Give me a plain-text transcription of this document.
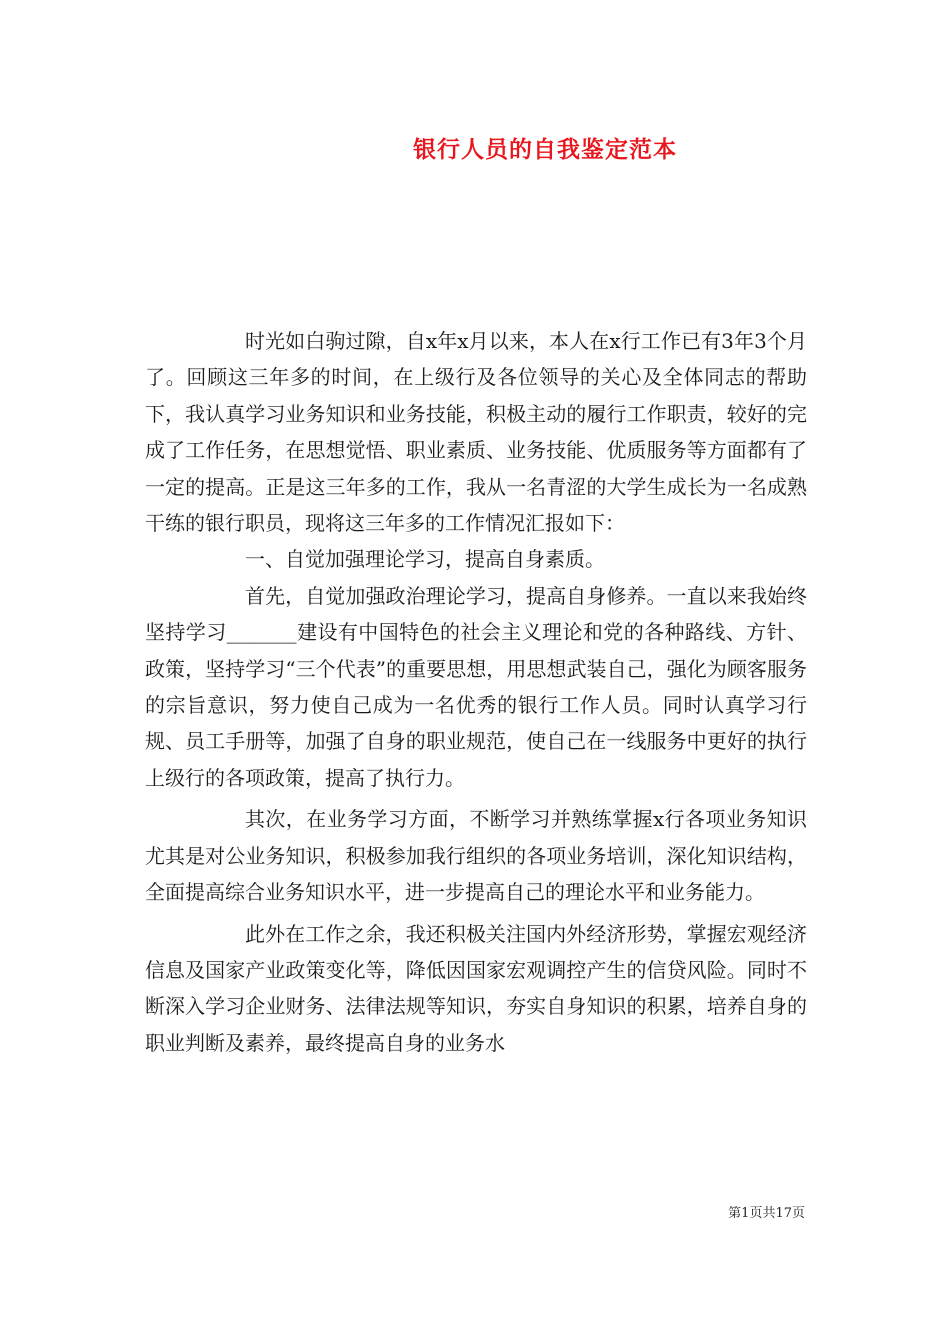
银行人员的自我鉴定范本

时光如白驹过隙，自x年x月以来，本人在x行工作已有3年3个月了。回顾这三年多的时间，在上级行及各位领导的关心及全体同志的帮助下，我认真学习业务知识和业务技能，积极主动的履行工作职责，较好的完成了工作任务，在思想觉悟、职业素质、业务技能、优质服务等方面都有了一定的提高。正是这三年多的工作，我从一名青涩的大学生成长为一名成熟干练的银行职员，现将这三年多的工作情况汇报如下：

一、自觉加强理论学习，提高自身素质。

首先，自觉加强政治理论学习，提高自身修养。一直以来我始终坚持学习_______建设有中国特色的社会主义理论和党的各种路线、方针、政策，坚持学习“三个代表”的重要思想，用思想武装自己，强化为顾客服务的宗旨意识，努力使自己成为一名优秀的银行工作人员。同时认真学习行规、员工手册等，加强了自身的职业规范，使自己在一线服务中更好的执行上级行的各项政策，提高了执行力。

其次，在业务学习方面，不断学习并熟练掌握x行各项业务知识尤其是对公业务知识，积极参加我行组织的各项业务培训，深化知识结构，全面提高综合业务知识水平，进一步提高自己的理论水平和业务能力。

此外在工作之余，我还积极关注国内外经济形势，掌握宏观经济信息及国家产业政策变化等，降低因国家宏观调控产生的信贷风险。同时不断深入学习企业财务、法律法规等知识，夯实自身知识的积累，培养自身的职业判断及素养，最终提高自身的业务水

第1页共17页
